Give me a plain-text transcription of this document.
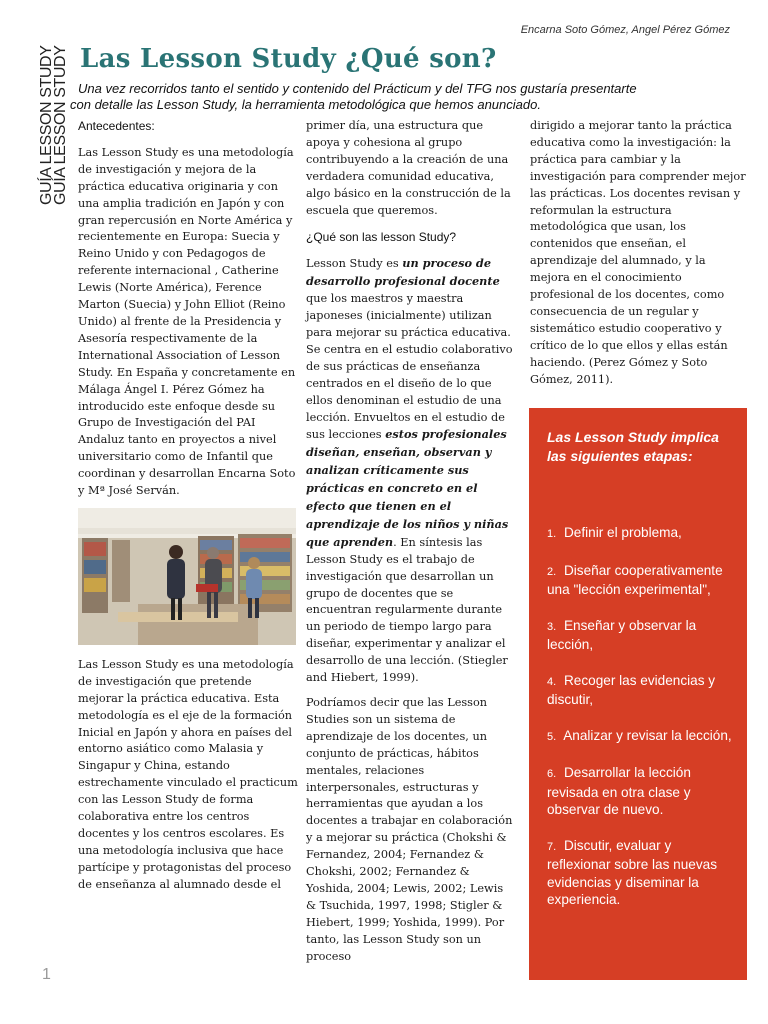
Encarna Soto Gómez, Angel Pérez Gómez
GUÍA LESSON STUDY
GUÍA LESSON STUDY Las Lesson Study ¿Qué son?
Una vez recorridos tanto el sentido y contenido del Prácticum y del TFG nos gustaría presentarte
con detalle las Lesson Study, la herramienta metodológica que hemos anunciado.
Antecedentes:

Las Lesson Study es una metodología de investigación y mejora de la práctica educativa originaria y con una amplia tradición en Japón y con gran repercusión en Norte América y recientemente en Europa: Suecia y Reino Unido y con Pedagogos de referente internacional , Catherine Lewis (Norte América), Ference Marton (Suecia) y John Elliot (Reino Unido) al frente de la Presidencia y Asesoría respectivamente de la International Association of Lesson Study. En España y concretamente en Málaga Ángel I. Pérez Gómez ha introducido este enfoque desde su Grupo de Investigación del PAI Andaluz tanto en proyectos a nivel universitario como de Infantil que coordinan y desarrollan Encarna Soto y Mª José Serván.

Las Lesson Study es una metodología de investigación que pretende mejorar la práctica educativa. Esta metodología es el eje de la formación Inicial en Japón y ahora en países del entorno asiático como Malasia y Singapur y China, estando estrechamente vinculado el practicum con las Lesson Study de forma colaborativa entre los centros docentes y los centros escolares. Es una metodología inclusiva que hace partícipe y protagonistas del proceso de enseñanza al alumnado desde el

primer día, una estructura que apoya y cohesiona al grupo contribuyendo a la creación de una verdadera comunidad educativa, algo básico en la construcción de la escuela que queremos.

¿Qué son las lesson Study?

Lesson Study es un proceso de desarrollo profesional docente que los maestros y maestra japoneses (inicialmente) utilizan para mejorar su práctica educativa. Se centra en el estudio colaborativo de sus prácticas de enseñanza centrados en el diseño de lo que ellos denominan el estudio de una lección. Envueltos en el estudio de sus lecciones estos profesionales diseñan, enseñan, observan y analizan críticamente sus prácticas en concreto en el efecto que tienen en el aprendizaje de los niños y niñas que aprenden. En síntesis las Lesson Study es el trabajo de investigación que desarrollan un grupo de docentes que se encuentran regularmente durante un periodo de tiempo largo para diseñar, experimentar y analizar el desarrollo de una lección. (Stiegler and Hiebert, 1999).

Podríamos decir que las Lesson Studies son un sistema de aprendizaje de los docentes, un conjunto de prácticas, hábitos mentales, relaciones interpersonales, estructuras y herramientas que ayudan a los docentes a trabajar en colaboración y a mejorar su práctica (Chokshi & Fernandez, 2004; Fernandez & Chokshi, 2002; Fernandez & Yoshida, 2004; Lewis, 2002; Lewis & Tsuchida, 1997, 1998; Stigler & Hiebert, 1999; Yoshida, 1999). Por tanto, las Lesson Study son un proceso

dirigido a mejorar tanto la práctica educativa como la investigación: la práctica para cambiar y la investigación para comprender mejor las prácticas. Los docentes revisan y reformulan la estructura metodológica que usan, los contenidos que enseñan, el aprendizaje del alumnado, y la mejora en el conocimiento profesional de los docentes, como consecuencia de un regular y sistemático estudio cooperativo y crítico de lo que ellos y ellas están haciendo. (Perez Gómez y Soto Gómez, 2011).

Las Lesson Study implica las siguientes etapas:
1. Definir el problema,
2. Diseñar cooperativamente una "lección experimental",
3. Enseñar y observar la lección,
4. Recoger las evidencias y discutir,
5. Analizar y revisar la lección,
6. Desarrollar la lección revisada en otra clase y observar de nuevo.
7. Discutir, evaluar y reflexionar sobre las nuevas evidencias y diseminar la experiencia.
1
